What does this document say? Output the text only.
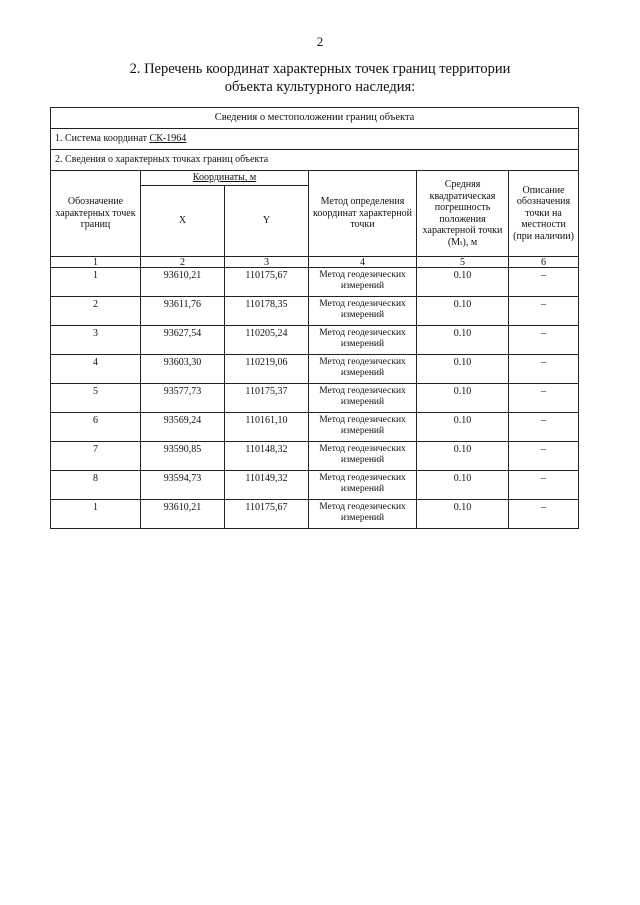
2
2. Перечень координат характерных точек границ территории
объекта культурного наследия:
Сведения о местоположении границ объекта					
1. Система координат СК-1964					
2. Сведения о характерных точках границ объекта					
Обозначение характерных точек границ	Координаты, м		Метод определения координат характерной точки	Средняя квадратическая погрешность положения характерной точки (Mₜ), м	Описание обозначения точки на местности (при наличии)
	X	Y			
1	2	3	4	5	6
1	93610,21	110175,67	Метод геодезических измерений	0.10	–
2	93611,76	110178,35	Метод геодезических измерений	0.10	–
3	93627,54	110205,24	Метод геодезических измерений	0.10	–
4	93603,30	110219,06	Метод геодезических измерений	0.10	–
5	93577,73	110175,37	Метод геодезических измерений	0.10	–
6	93569,24	110161,10	Метод геодезических измерений	0.10	–
7	93590,85	110148,32	Метод геодезических измерений	0.10	–
8	93594,73	110149,32	Метод геодезических измерений	0.10	–
1	93610,21	110175,67	Метод геодезических измерений	0.10	–
